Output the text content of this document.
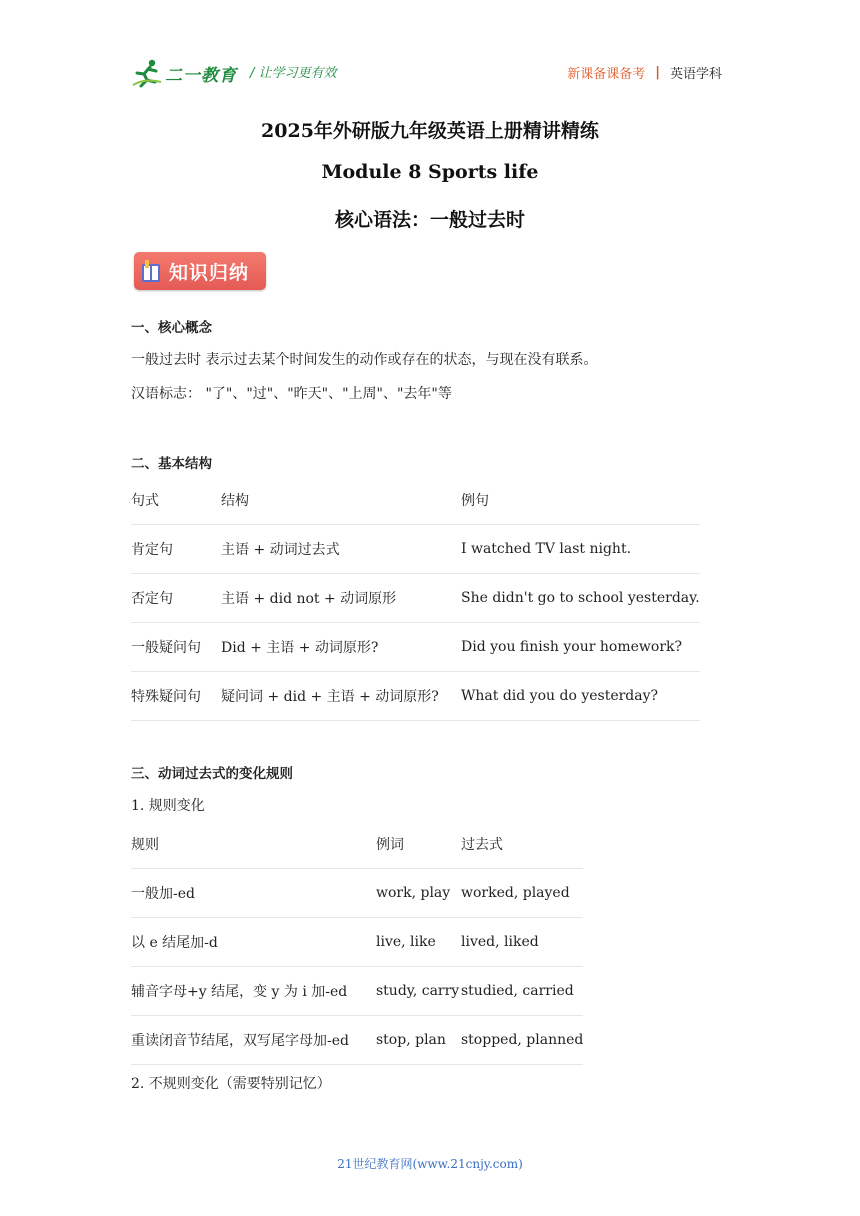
二一教育 / 让学习更有效	新课备课备考 | 英语学科
2025年外研版九年级英语上册精讲精练
Module 8 Sports life
核心语法：一般过去时
知识归纳
一、核心概念
一般过去时 表示过去某个时间发生的动作或存在的状态，与现在没有联系。
汉语标志： "了"、"过"、"昨天"、"上周"、"去年"等
二、基本结构
句式	结构	例句
肯定句	主语 + 动词过去式	I watched TV last night.
否定句	主语 + did not + 动词原形	She didn't go to school yesterday.
一般疑问句	Did + 主语 + 动词原形?	Did you finish your homework?
特殊疑问句	疑问词 + did + 主语 + 动词原形?	What did you do yesterday?
三、动词过去式的变化规则
1. 规则变化
规则	例词	过去式
一般加-ed	work, play	worked, played
以 e 结尾加-d	live, like	lived, liked
辅音字母+y 结尾，变 y 为 i 加-ed	study, carry	studied, carried
重读闭音节结尾，双写尾字母加-ed	stop, plan	stopped, planned
2. 不规则变化（需要特别记忆）
21世纪教育网(www.21cnjy.com)
